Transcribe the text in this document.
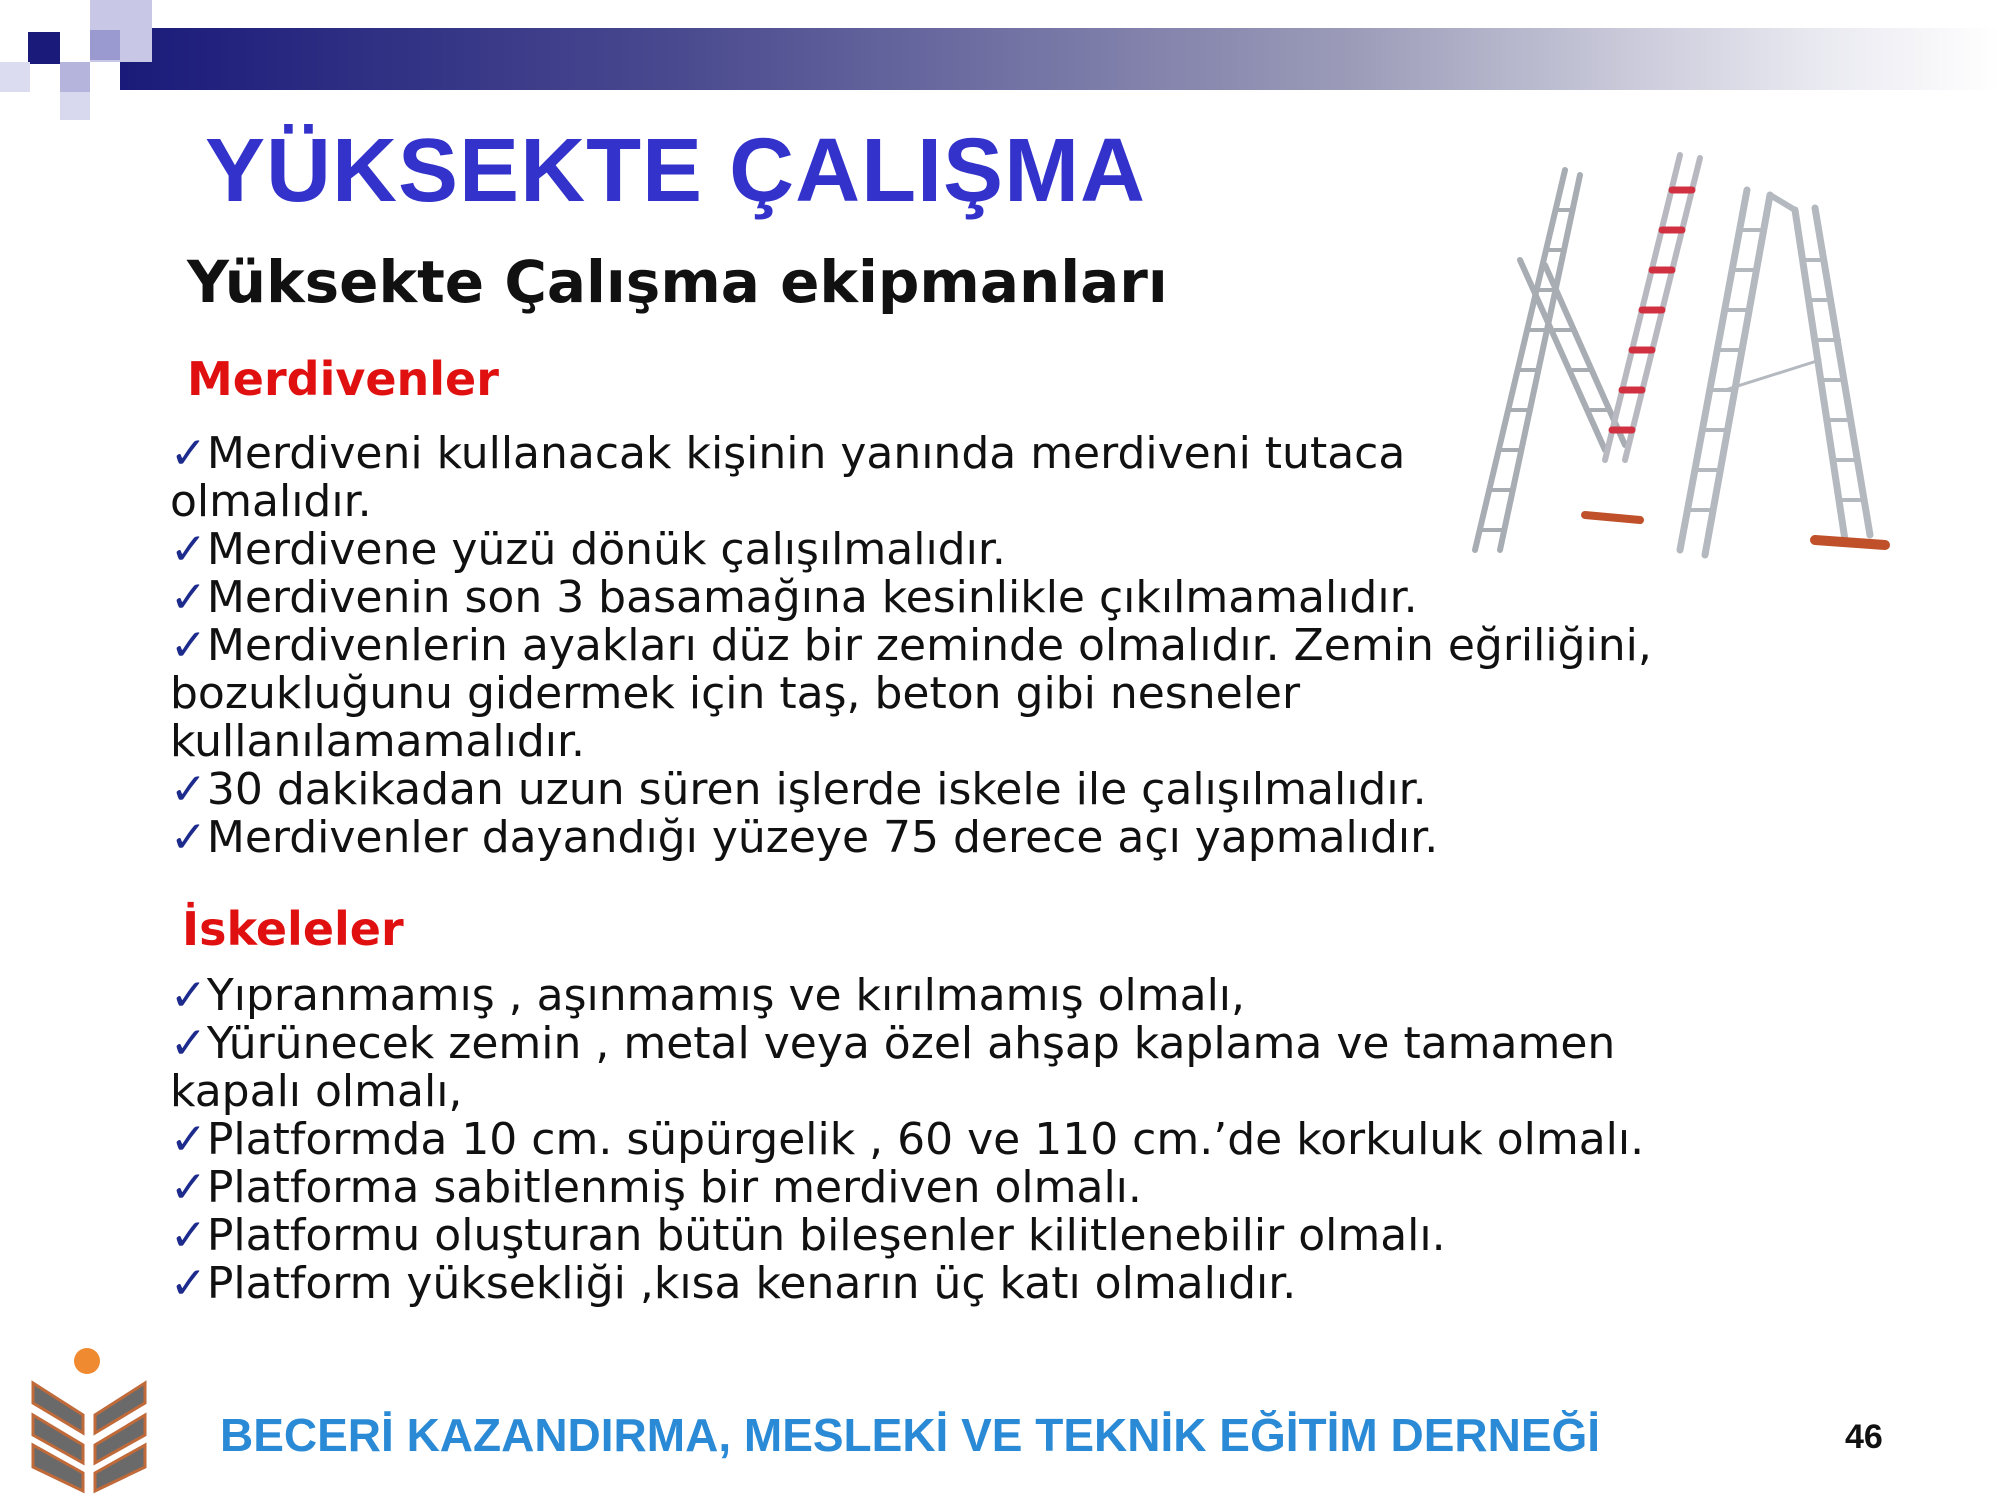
YÜKSEKTE ÇALIŞMA
Yüksekte Çalışma ekipmanları
Merdivenler
✓Merdiveni kullanacak kişinin yanında merdiveni tutaca olmalıdır.
✓Merdivene yüzü dönük çalışılmalıdır.
✓Merdivenin son 3 basamağına kesinlikle çıkılmamalıdır.
✓Merdivenlerin ayakları düz bir zeminde olmalıdır. Zemin eğriliğini, bozukluğunu gidermek için taş, beton gibi nesneler kullanılamamalıdır.
✓30 dakikadan uzun süren işlerde iskele ile çalışılmalıdır.
✓Merdivenler dayandığı yüzeye 75 derece açı yapmalıdır.
İskeleler
✓Yıpranmamış , aşınmamış ve kırılmamış olmalı,
✓Yürünecek zemin , metal veya özel ahşap kaplama ve tamamen kapalı olmalı,
✓Platformda 10 cm. süpürgelik , 60 ve 110 cm.’de korkuluk olmalı.
✓Platforma sabitlenmiş bir merdiven olmalı.
✓Platformu oluşturan bütün bileşenler kilitlenebilir olmalı.
✓Platform yüksekliği ,kısa kenarın üç katı olmalıdır.

BECERİ KAZANDIRMA, MESLEKİ VE TEKNİK EĞİTİM DERNEĞİ	46
